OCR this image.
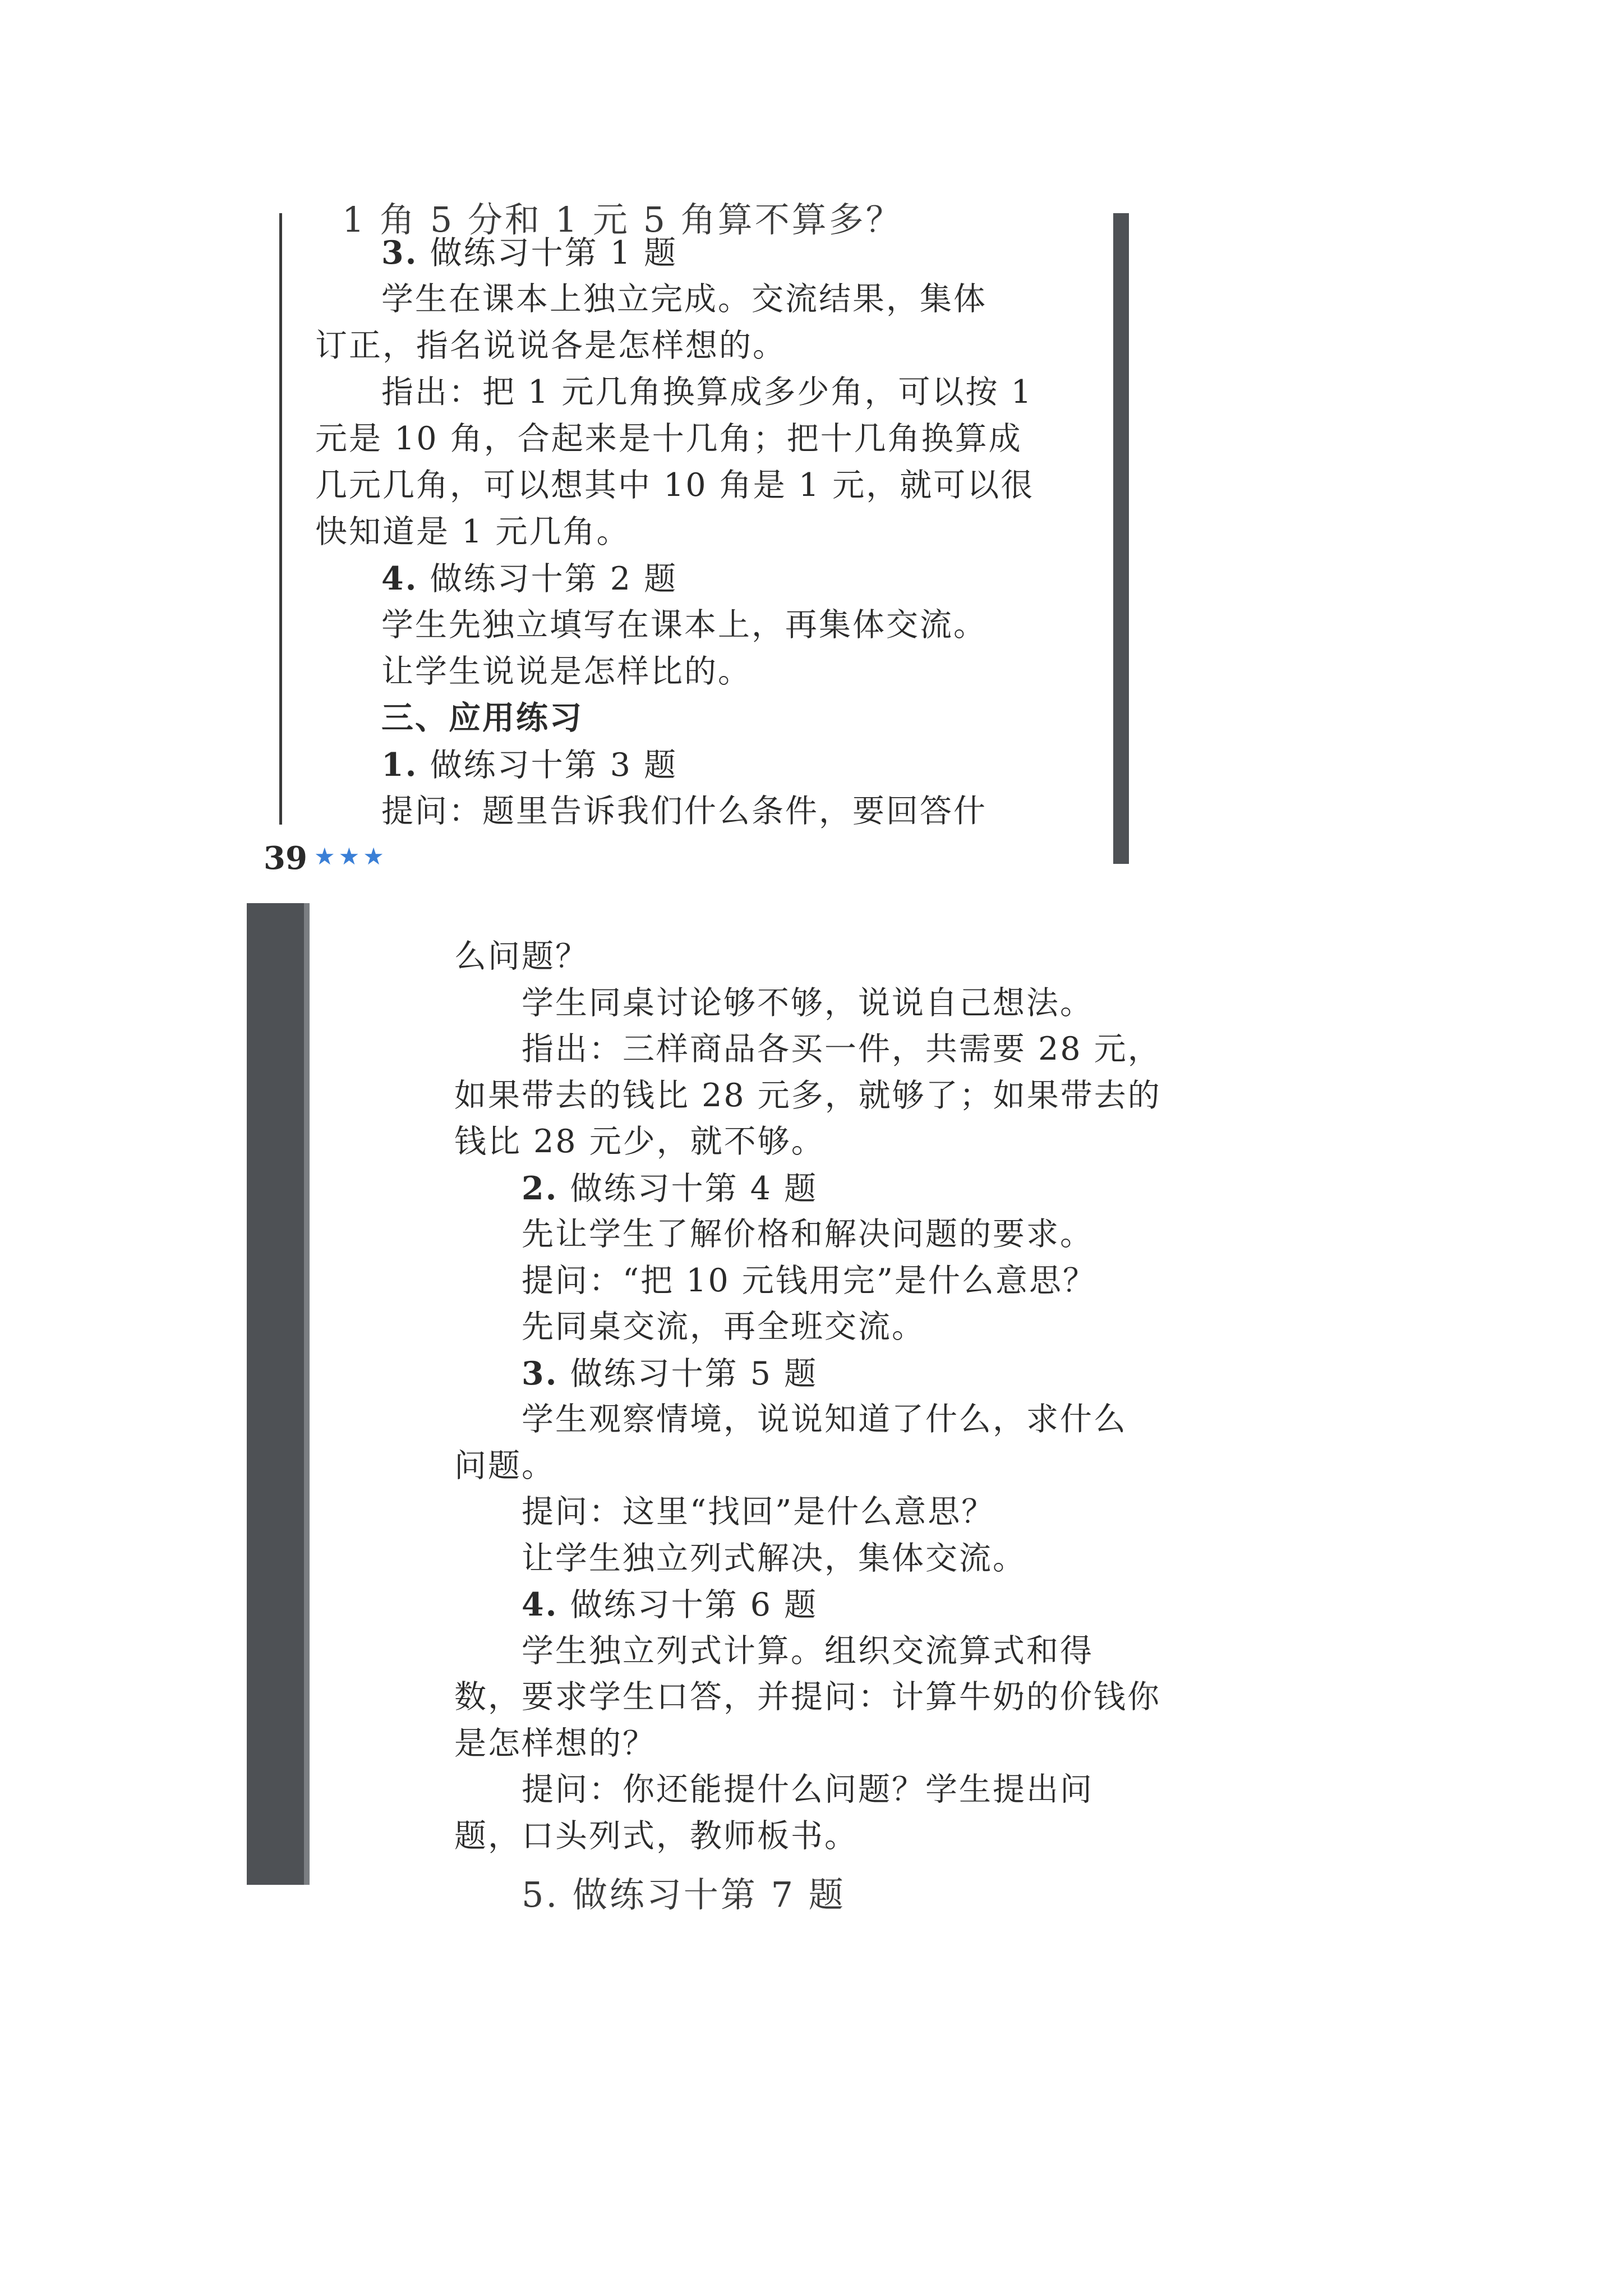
1 角 5 分和 1 元 5 角算不算多？
3. 做练习十第 1 题
学生在课本上独立完成。交流结果，集体
订正，指名说说各是怎样想的。
指出：把 1 元几角换算成多少角，可以按 1
元是 10 角，合起来是十几角；把十几角换算成
几元几角，可以想其中 10 角是 1 元，就可以很
快知道是 1 元几角。
4. 做练习十第 2 题
学生先独立填写在课本上，再集体交流。
让学生说说是怎样比的。
三、应用练习
1. 做练习十第 3 题
提问：题里告诉我们什么条件，要回答什
39 ★★★
么问题？
学生同桌讨论够不够，说说自己想法。
指出：三样商品各买一件，共需要 28 元，
如果带去的钱比 28 元多，就够了；如果带去的
钱比 28 元少，就不够。
2. 做练习十第 4 题
先让学生了解价格和解决问题的要求。
提问：“把 10 元钱用完”是什么意思？
先同桌交流，再全班交流。
3. 做练习十第 5 题
学生观察情境，说说知道了什么，求什么
问题。
提问：这里“找回”是什么意思？
让学生独立列式解决，集体交流。
4. 做练习十第 6 题
学生独立列式计算。组织交流算式和得
数，要求学生口答，并提问：计算牛奶的价钱你
是怎样想的？
提问：你还能提什么问题？学生提出问
题，口头列式，教师板书。
5. 做练习十第 7 题
